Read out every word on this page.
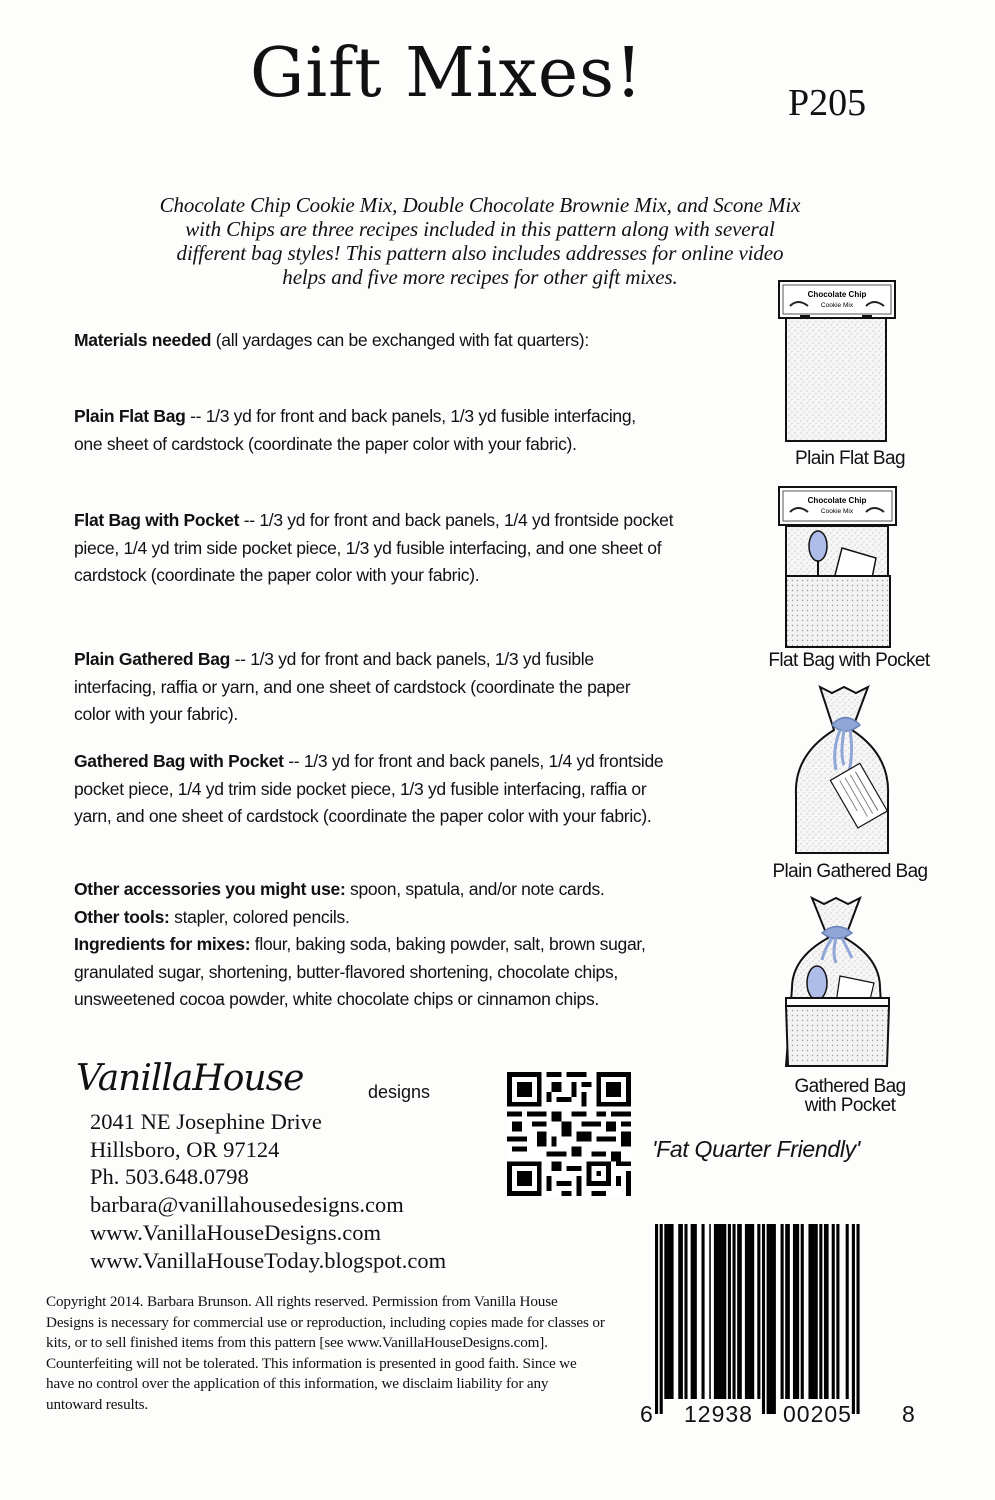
Gift Mixes!	P205
Chocolate Chip Cookie Mix, Double Chocolate Brownie Mix, and Scone Mix
with Chips are three recipes included in this pattern along with several
different bag styles! This pattern also includes addresses for online video
helps and five more recipes for other gift mixes.
Materials needed (all yardages can be exchanged with fat quarters):
Plain Flat Bag -- 1/3 yd for front and back panels, 1/3 yd fusible interfacing, one sheet of cardstock (coordinate the paper color with your fabric).
Flat Bag with Pocket -- 1/3 yd for front and back panels, 1/4 yd frontside pocket piece, 1/4 yd trim side pocket piece, 1/3 yd fusible interfacing, and one sheet of cardstock (coordinate the paper color with your fabric).
Plain Gathered Bag -- 1/3 yd for front and back panels, 1/3 yd fusible interfacing, raffia or yarn, and one sheet of cardstock (coordinate the paper color with your fabric).
Gathered Bag with Pocket -- 1/3 yd for front and back panels, 1/4 yd frontside pocket piece, 1/4 yd trim side pocket piece, 1/3 yd fusible interfacing, raffia or yarn, and one sheet of cardstock (coordinate the paper color with your fabric).
Other accessories you might use: spoon, spatula, and/or note cards.
Other tools: stapler, colored pencils.
Ingredients for mixes: flour, baking soda, baking powder, salt, brown sugar, granulated sugar, shortening, butter-flavored shortening, chocolate chips, unsweetened cocoa powder, white chocolate chips or cinnamon chips.
Chocolate Chip
Cookie Mix
Plain Flat Bag
Chocolate Chip
Cookie Mix
Flat Bag with Pocket
Plain Gathered Bag
Gathered Bag
with Pocket
'Fat Quarter Friendly'
VanillaHouse	designs
2041 NE Josephine Drive
Hillsboro, OR 97124
Ph. 503.648.0798
barbara@vanillahousedesigns.com
www.VanillaHouseDesigns.com
www.VanillaHouseToday.blogspot.com
Copyright 2014. Barbara Brunson. All rights reserved. Permission from Vanilla House Designs is necessary for commercial use or reproduction, including copies made for classes or kits, or to sell finished items from this pattern [see www.VanillaHouseDesigns.com]. Counterfeiting will not be tolerated. This information is presented in good faith. Since we have no control over the application of this information, we disclaim liability for any untoward results.	6 12938 00205 8
